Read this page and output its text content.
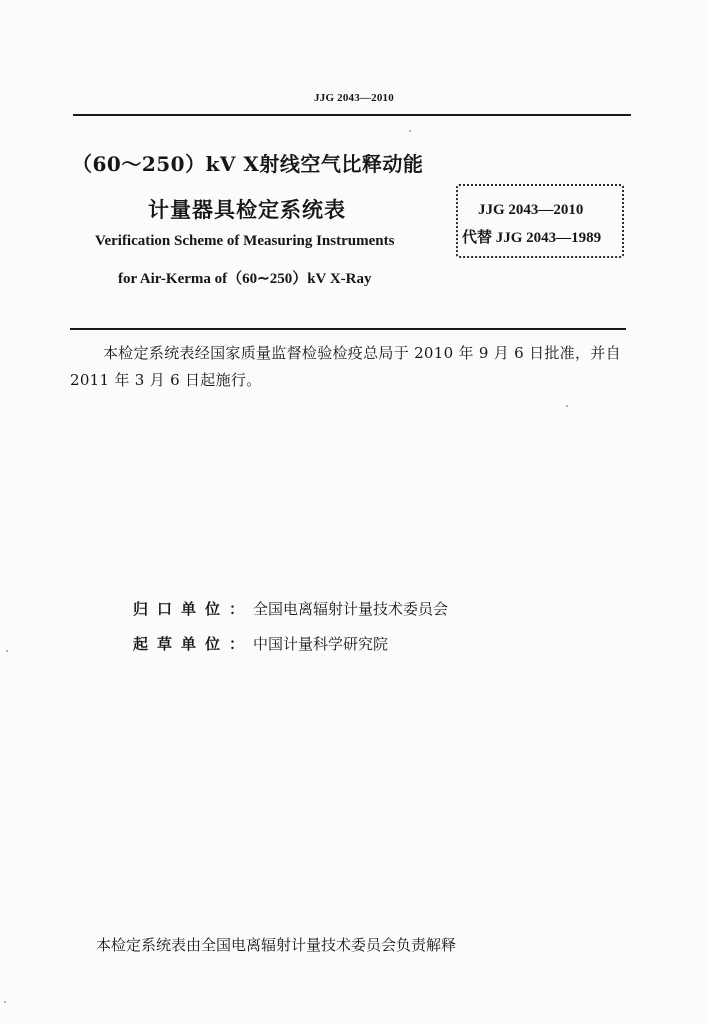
JJG 2043—2010
（60～250）kV X射线空气比释动能
计量器具检定系统表
Verification Scheme of Measuring Instruments
for Air-Kerma of（60∼250）kV X-Ray
JJG 2043—2010
代替 JJG 2043—1989
本检定系统表经国家质量监督检验检疫总局于 2010 年 9 月 6 日批准，并自 2011 年 3 月 6 日起施行。
归口单位：全国电离辐射计量技术委员会
起草单位：中国计量科学研究院
本检定系统表由全国电离辐射计量技术委员会负责解释
